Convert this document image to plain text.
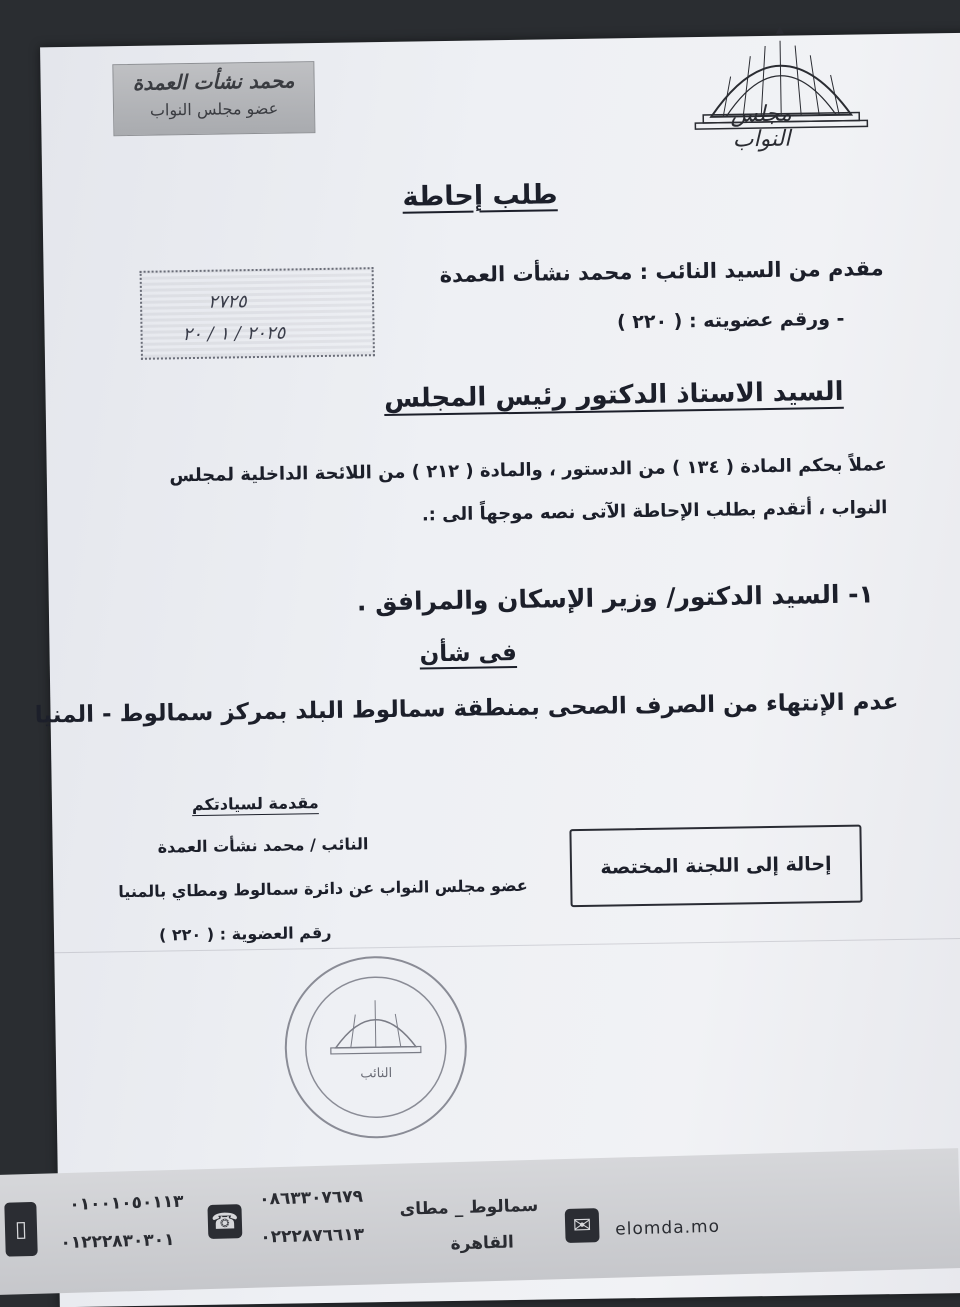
محمد نشأت العمدة
عضو مجلس النواب	مجلس النواب
طلب إحاطة
مقدم من السيد النائب : محمد نشأت العمدة
- ورقم عضويته : ( ٢٢٠ )
٢٧٢٥
٢٠٢٥ / ١ / ٢٠
السيد الاستاذ الدكتور رئيس المجلس
عملاً بحكم المادة ( ١٣٤ ) من الدستور ، والمادة ( ٢١٢ ) من اللائحة الداخلية لمجلس
النواب ، أتقدم بطلب الإحاطة الآتى نصه موجهاً الى :.
١- السيد الدكتور/ وزير الإسكان والمرافق .
فى شأن
عدم الإنتهاء من الصرف الصحى بمنطقة سمالوط البلد بمركز سمالوط - المنيا
مقدمة لسيادتكم
النائب / محمد نشأت العمدة
عضو مجلس النواب عن دائرة سمالوط ومطاي بالمنيا
رقم العضوية : ( ٢٢٠ )
إحالة إلى اللجنة المختصة
النائب
▯
٠١٠٠١٠٥٠١١٣
٠١٢٢٢٨٣٠٣٠١
☎
٠٨٦٣٣٠٧٦٧٩
٠٢٢٢٨٧٦٦١٣
سمالوط _ مطاى
القاهرة
✉	elomda.mo
